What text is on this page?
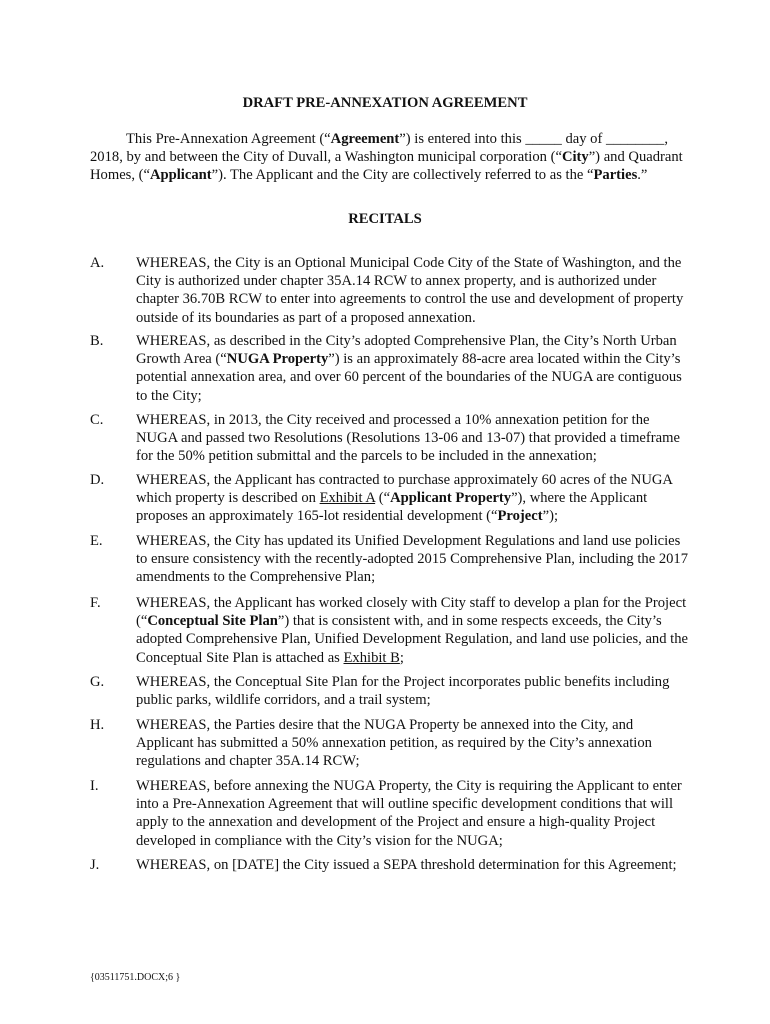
DRAFT PRE-ANNEXATION AGREEMENT
This Pre-Annexation Agreement (“Agreement”) is entered into this _____ day of ________, 2018, by and between the City of Duvall, a Washington municipal corporation (“City”) and Quadrant Homes, (“Applicant”). The Applicant and the City are collectively referred to as the “Parties.”
RECITALS
A.	WHEREAS, the City is an Optional Municipal Code City of the State of Washington, and the City is authorized under chapter 35A.14 RCW to annex property, and is authorized under chapter 36.70B RCW to enter into agreements to control the use and development of property outside of its boundaries as part of a proposed annexation.
B.	WHEREAS, as described in the City’s adopted Comprehensive Plan, the City’s North Urban Growth Area (“NUGA Property”) is an approximately 88-acre area located within the City’s potential annexation area, and over 60 percent of the boundaries of the NUGA are contiguous to the City;
C.	WHEREAS, in 2013, the City received and processed a 10% annexation petition for the NUGA and passed two Resolutions (Resolutions 13-06 and 13-07) that provided a timeframe for the 50% petition submittal and the parcels to be included in the annexation;
D.	WHEREAS, the Applicant has contracted to purchase approximately 60 acres of the NUGA which property is described on Exhibit A (“Applicant Property”), where the Applicant proposes an approximately 165-lot residential development (“Project”);
E.	WHEREAS, the City has updated its Unified Development Regulations and land use policies to ensure consistency with the recently-adopted 2015 Comprehensive Plan, including the 2017 amendments to the Comprehensive Plan;
F.	WHEREAS, the Applicant has worked closely with City staff to develop a plan for the Project (“Conceptual Site Plan”) that is consistent with, and in some respects exceeds, the City’s adopted Comprehensive Plan, Unified Development Regulation, and land use policies, and the Conceptual Site Plan is attached as Exhibit B;
G.	WHEREAS, the Conceptual Site Plan for the Project incorporates public benefits including public parks, wildlife corridors, and a trail system;
H.	WHEREAS, the Parties desire that the NUGA Property be annexed into the City, and Applicant has submitted a 50% annexation petition, as required by the City’s annexation regulations and chapter 35A.14 RCW;
I.	WHEREAS, before annexing the NUGA Property, the City is requiring the Applicant to enter into a Pre-Annexation Agreement that will outline specific development conditions that will apply to the annexation and development of the Project and ensure a high-quality Project developed in compliance with the City’s vision for the NUGA;
J.	WHEREAS, on [DATE] the City issued a SEPA threshold determination for this Agreement;
{03511751.DOCX;6 }
